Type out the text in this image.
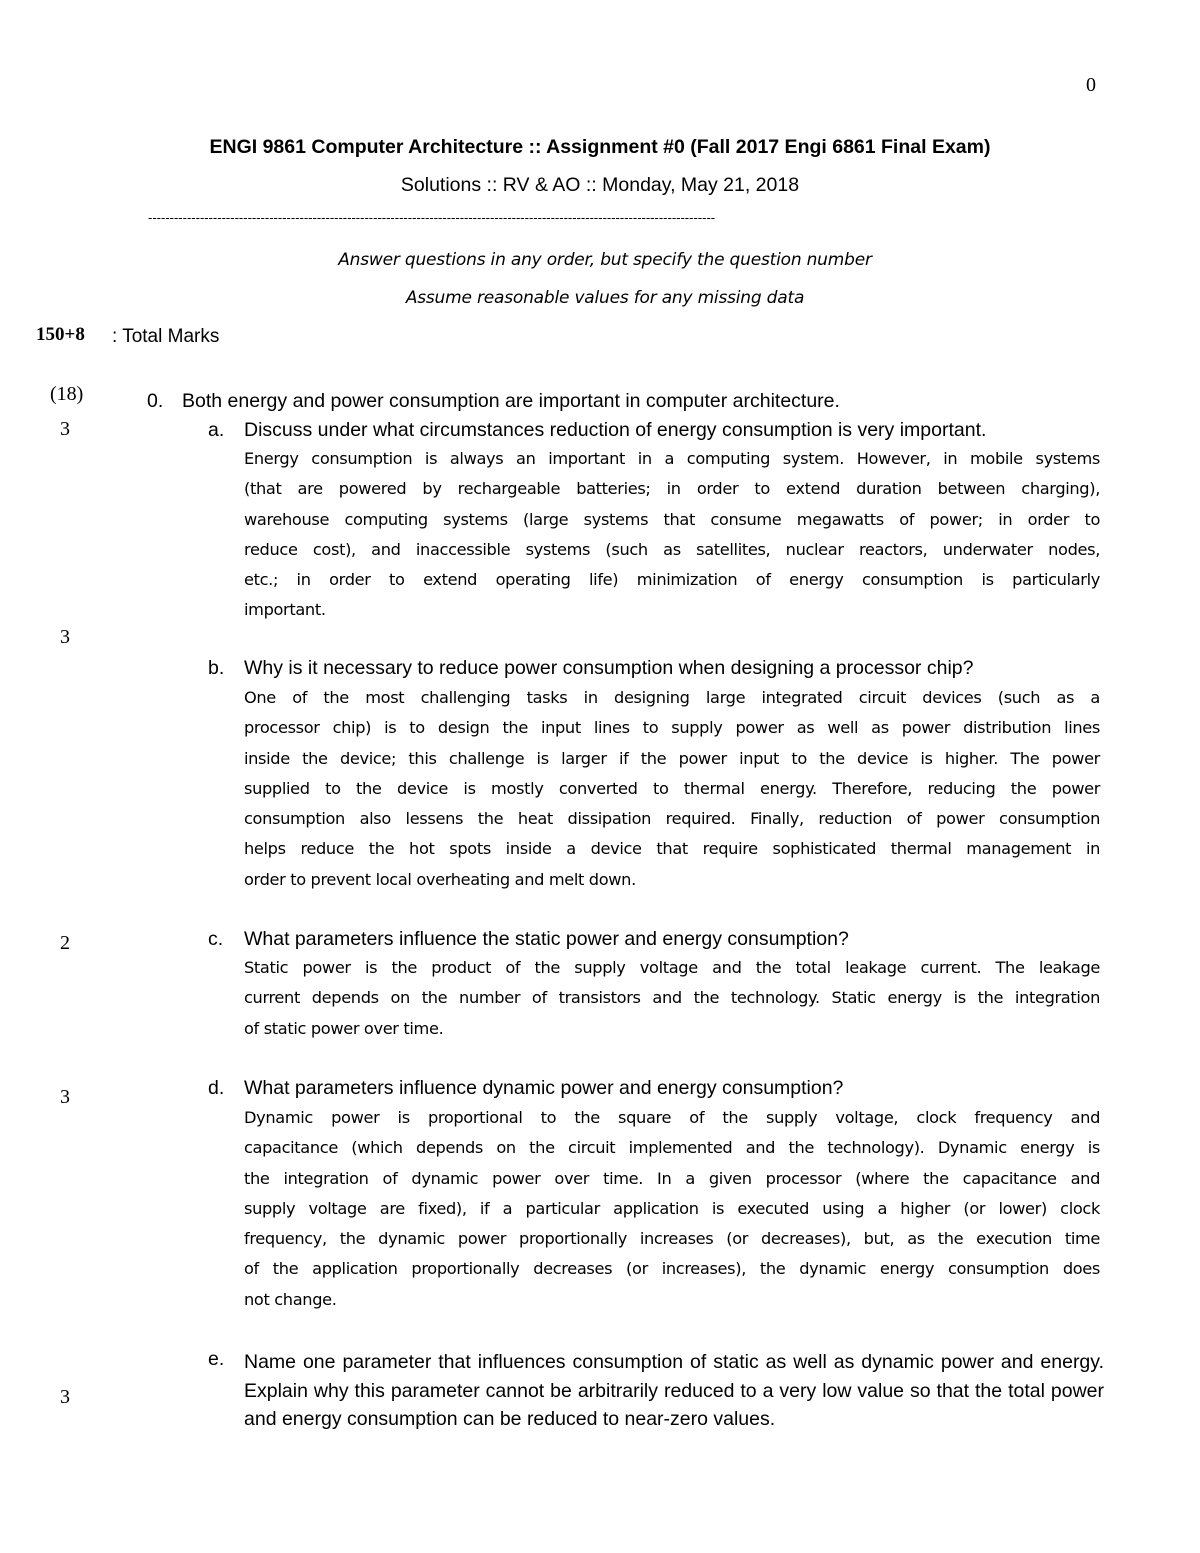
0
ENGI 9861 Computer Architecture :: Assignment #0 (Fall 2017 Engi 6861 Final Exam)
Solutions :: RV & AO :: Monday, May 21, 2018
-----------------------------------------------------------------------------------------------------------------------------------
Answer questions in any order, but specify the question number
Assume reasonable values for any missing data
150+8 : Total Marks
(18)
3
3
2
3
3
0. Both energy and power consumption are important in computer architecture.
a. Discuss under what circumstances reduction of energy consumption is very important.
Energy consumption is always an important in a computing system. However, in mobile systems
(that are powered by rechargeable batteries; in order to extend duration between charging),
warehouse computing systems (large systems that consume megawatts of power; in order to
reduce cost), and inaccessible systems (such as satellites, nuclear reactors, underwater nodes,
etc.; in order to extend operating life) minimization of energy consumption is particularly
important.
b. Why is it necessary to reduce power consumption when designing a processor chip?
One of the most challenging tasks in designing large integrated circuit devices (such as a
processor chip) is to design the input lines to supply power as well as power distribution lines
inside the device; this challenge is larger if the power input to the device is higher. The power
supplied to the device is mostly converted to thermal energy. Therefore, reducing the power
consumption also lessens the heat dissipation required. Finally, reduction of power consumption
helps reduce the hot spots inside a device that require sophisticated thermal management in
order to prevent local overheating and melt down.
c. What parameters influence the static power and energy consumption?
Static power is the product of the supply voltage and the total leakage current. The leakage
current depends on the number of transistors and the technology. Static energy is the integration
of static power over time.
d. What parameters influence dynamic power and energy consumption?
Dynamic power is proportional to the square of the supply voltage, clock frequency and
capacitance (which depends on the circuit implemented and the technology). Dynamic energy is
the integration of dynamic power over time. In a given processor (where the capacitance and
supply voltage are fixed), if a particular application is executed using a higher (or lower) clock
frequency, the dynamic power proportionally increases (or decreases), but, as the execution time
of the application proportionally decreases (or increases), the dynamic energy consumption does
not change.
e. Name one parameter that influences consumption of static as well as dynamic power and energy. Explain why this parameter cannot be arbitrarily reduced to a very low value so that the total power and energy consumption can be reduced to near-zero values.
